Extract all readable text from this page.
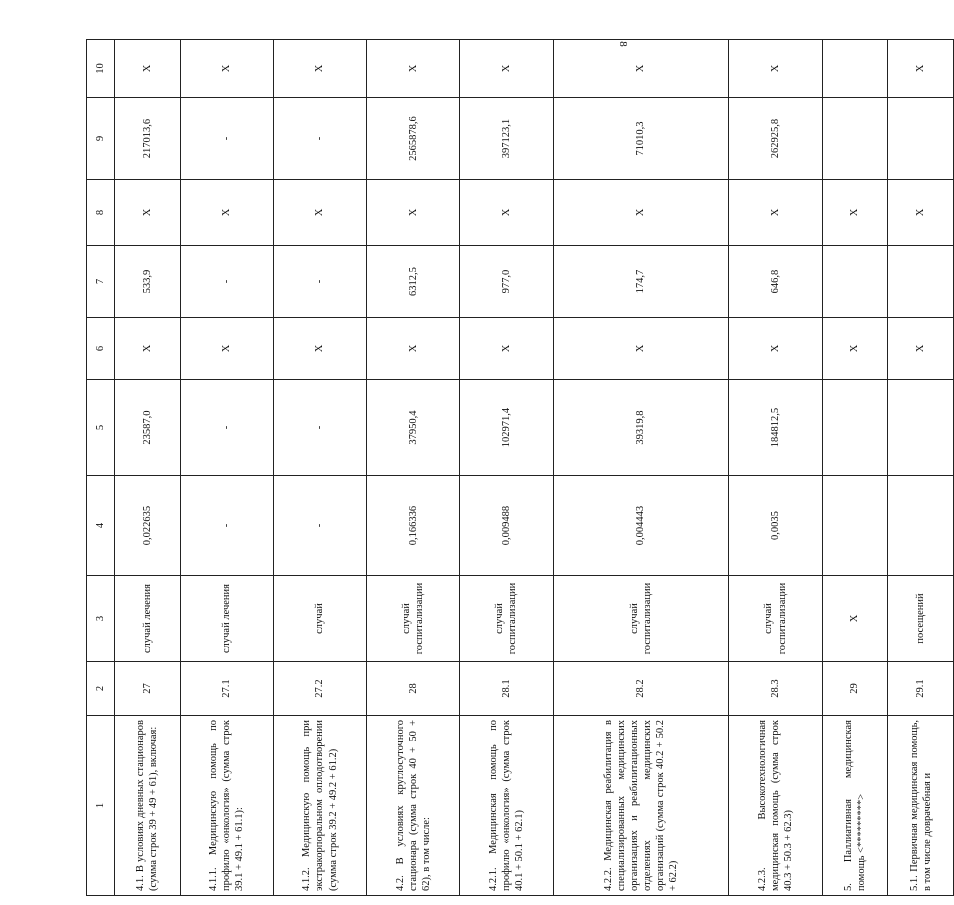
8
1	2	3	4	5	6	7	8	9	10
4.1. В условиях дневных стационаров (сумма строк 39 + 49 + 61), включая:	27	случай лечения	0,022635	23587,0	X	533,9	X	217013,6	X
4.1.1. Медицинскую помощь по профилю «онкология» (сумма строк 39.1 + 49.1 + 61.1):	27.1	случай лечения	-	-	X	-	X	-	X
4.1.2. Медицинскую помощь при экстракорпоральном оплодотворении (сумма строк 39.2 + 49.2 + 61.2)	27.2	случай	-	-	X	-	X	-	X
4.2. В условиях круглосуточного стационара (сумма строк 40 + 50 + 62), в том числе:	28	случай госпитализации	0,166336	37950,4	X	6312,5	X	2565878,6	X
4.2.1. Медицинская помощь по профилю «онкология» (сумма строк 40.1 + 50.1 + 62.1)	28.1	случай госпитализации	0,009488	102971,4	X	977,0	X	397123,1	X
4.2.2. Медицинская реабилитация в специализированных медицинских организациях и реабилитационных отделениях медицинских организаций (сумма строк 40.2 + 50.2 + 62.2)	28.2	случай госпитализации	0,004443	39319,8	X	174,7	X	71010,3	X
4.2.3. Высокотехнологичная медицинская помощь (сумма строк 40.3 + 50.3 + 62.3)	28.3	случай госпитализации	0,0035	184812,5	X	646,8	X	262925,8	X
5. Паллиативная медицинская помощь <*********>	29	X			X		X		
5.1. Первичная медицинская помощь, в том числе доврачебная и	29.1	посещений			X		X		X
